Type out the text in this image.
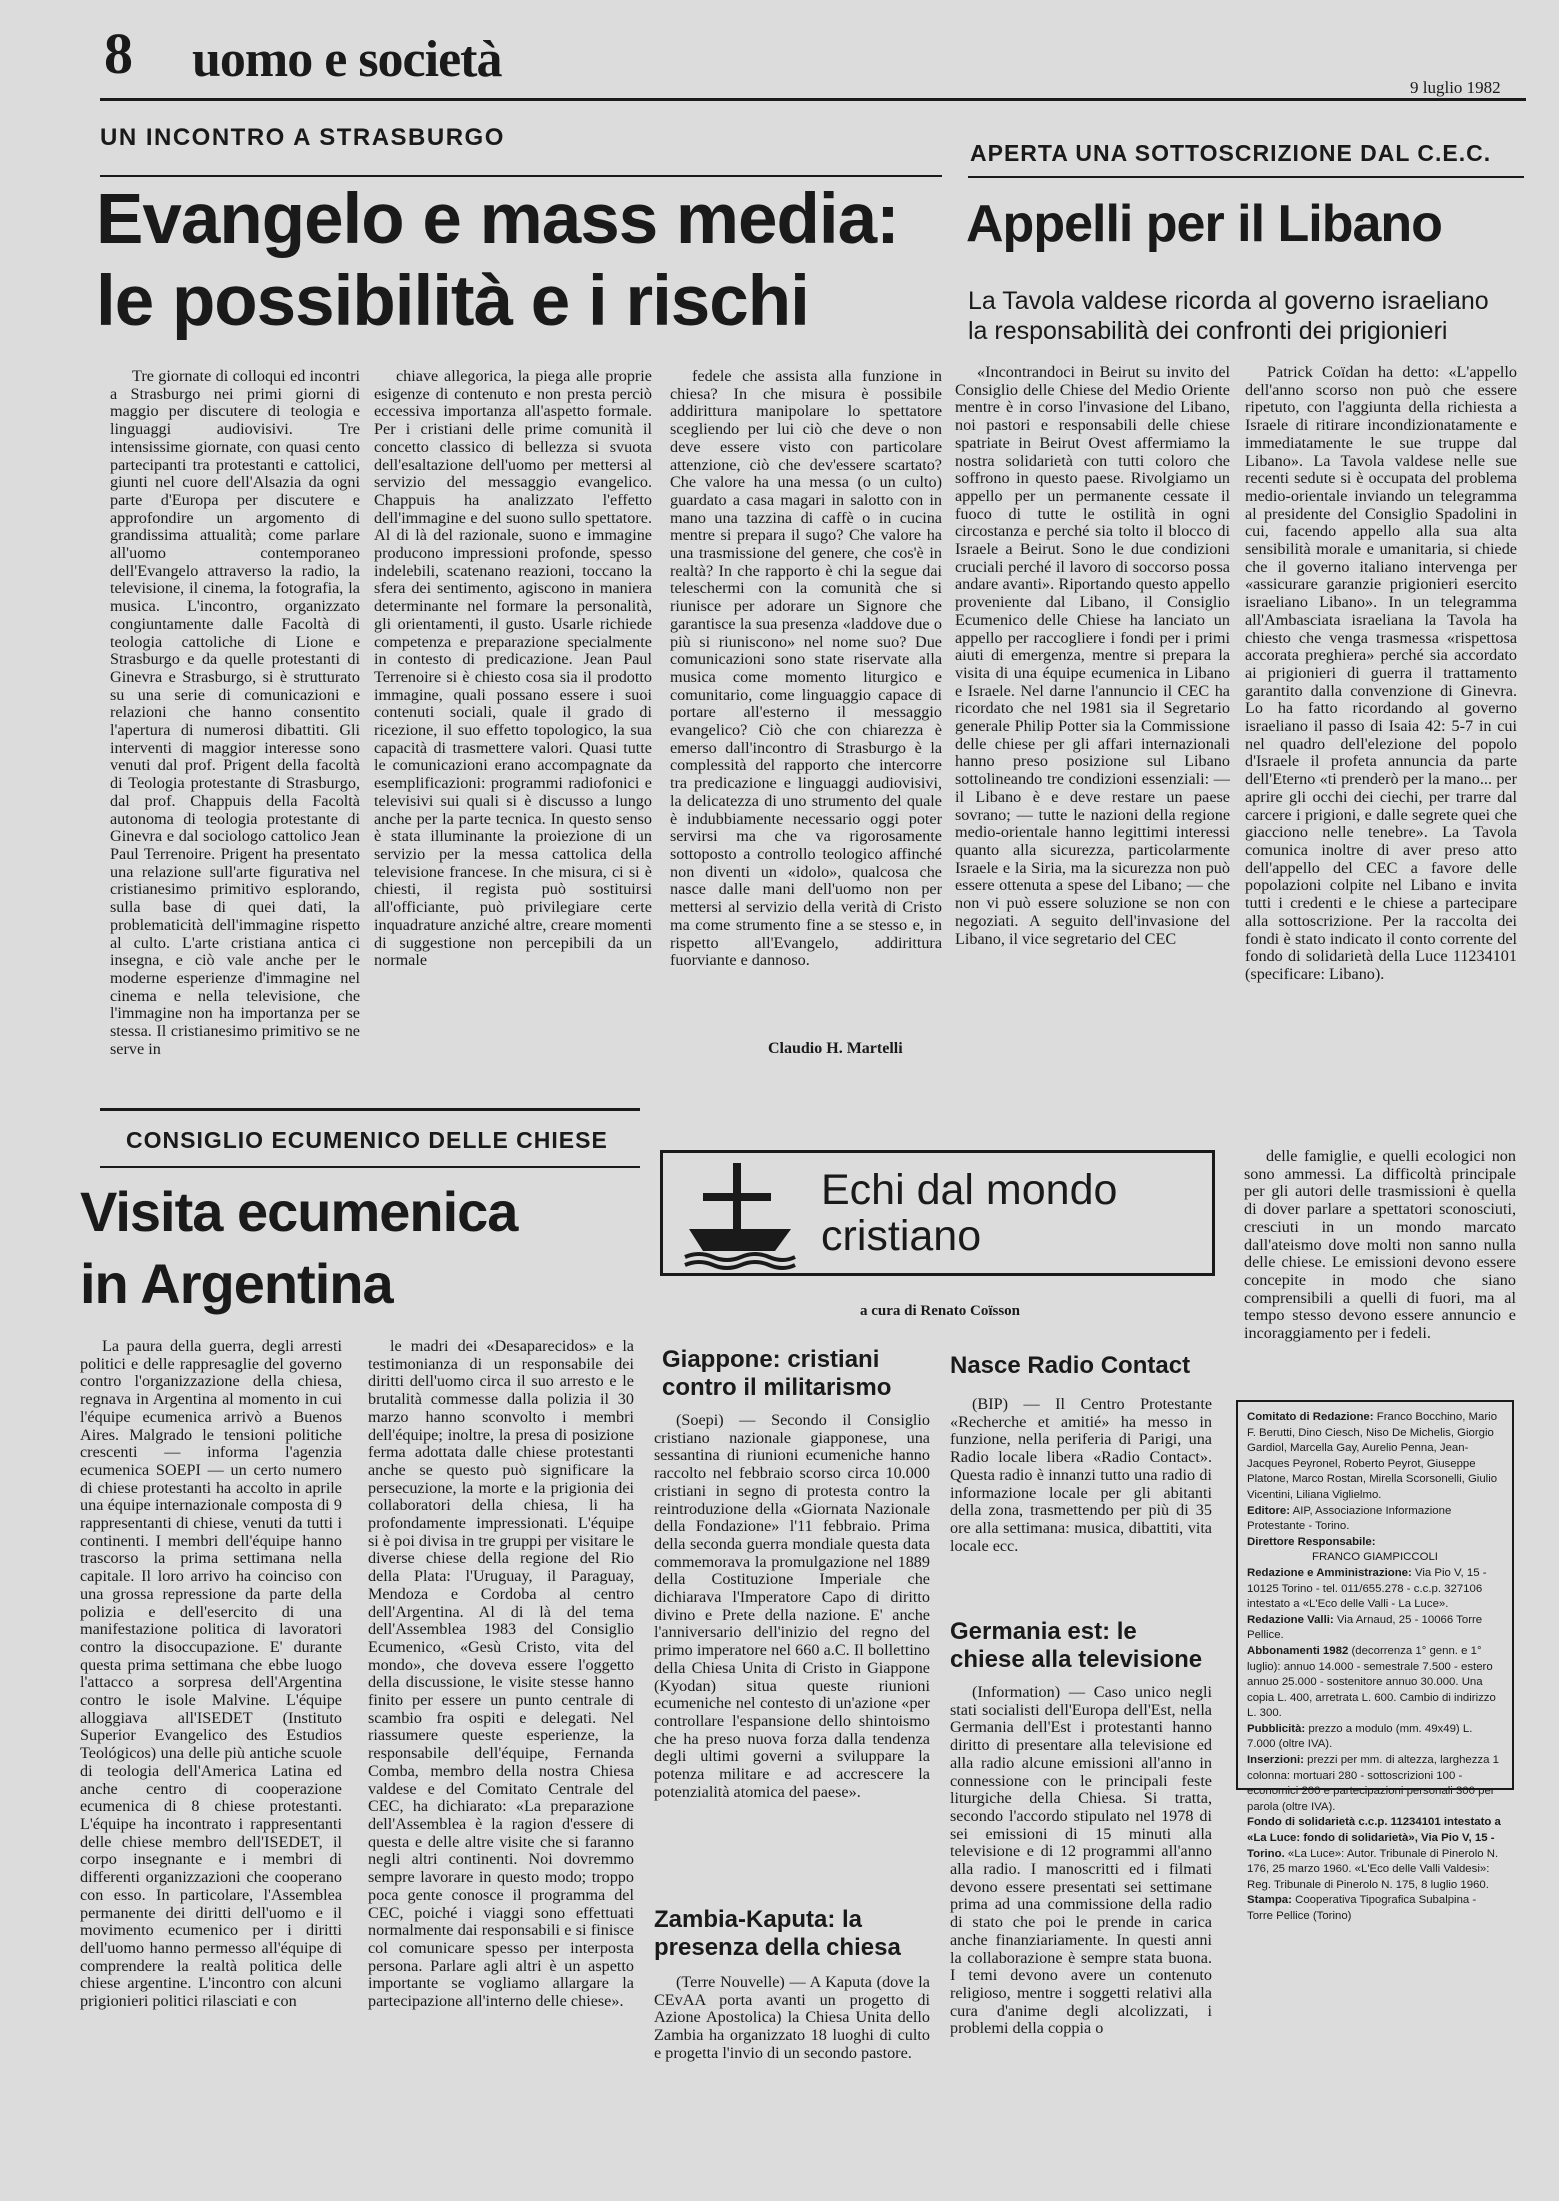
8 uomo e società	9 luglio 1982
UN INCONTRO A STRASBURGO
Evangelo e mass media:
le possibilità e i rischi

Tre giornate di colloqui ed incontri a Strasburgo nei primi giorni di maggio per discutere di teologia e linguaggi audiovisivi. Tre intensissime giornate, con quasi cento partecipanti tra protestanti e cattolici, giunti nel cuore dell'Alsazia da ogni parte d'Europa per discutere e approfondire un argomento di grandissima attualità; come parlare all'uomo contemporaneo dell'Evangelo attraverso la radio, la televisione, il cinema, la fotografia, la musica. L'incontro, organizzato congiuntamente dalle Facoltà di teologia cattoliche di Lione e Strasburgo e da quelle protestanti di Ginevra e Strasburgo, si è strutturato su una serie di comunicazioni e relazioni che hanno consentito l'apertura di numerosi dibattiti. Gli interventi di maggior interesse sono venuti dal prof. Prigent della facoltà di Teologia protestante di Strasburgo, dal prof. Chappuis della Facoltà autonoma di teologia protestante di Ginevra e dal sociologo cattolico Jean Paul Terrenoire. Prigent ha presentato una relazione sull'arte figurativa nel cristianesimo primitivo esplorando, sulla base di quei dati, la problematicità dell'immagine rispetto al culto. L'arte cristiana antica ci insegna, e ciò vale anche per le moderne esperienze d'immagine nel cinema e nella televisione, che l'immagine non ha importanza per se stessa. Il cristianesimo primitivo se ne serve in

chiave allegorica, la piega alle proprie esigenze di contenuto e non presta perciò eccessiva importanza all'aspetto formale. Per i cristiani delle prime comunità il concetto classico di bellezza si svuota dell'esaltazione dell'uomo per mettersi al servizio del messaggio evangelico. Chappuis ha analizzato l'effetto dell'immagine e del suono sullo spettatore. Al di là del razionale, suono e immagine producono impressioni profonde, spesso indelebili, scatenano reazioni, toccano la sfera dei sentimento, agiscono in maniera determinante nel formare la personalità, gli orientamenti, il gusto. Usarle richiede competenza e preparazione specialmente in contesto di predicazione. Jean Paul Terrenoire si è chiesto cosa sia il prodotto immagine, quali possano essere i suoi contenuti sociali, quale il grado di ricezione, il suo effetto topologico, la sua capacità di trasmettere valori. Quasi tutte le comunicazioni erano accompagnate da esemplificazioni: programmi radiofonici e televisivi sui quali si è discusso a lungo anche per la parte tecnica. In questo senso è stata illuminante la proiezione di un servizio per la messa cattolica della televisione francese. In che misura, ci si è chiesti, il regista può sostituirsi all'officiante, può privilegiare certe inquadrature anziché altre, creare momenti di suggestione non percepibili da un normale

fedele che assista alla funzione in chiesa? In che misura è possibile addirittura manipolare lo spettatore scegliendo per lui ciò che deve o non deve essere visto con particolare attenzione, ciò che dev'essere scartato? Che valore ha una messa (o un culto) guardato a casa magari in salotto con in mano una tazzina di caffè o in cucina mentre si prepara il sugo? Che valore ha una trasmissione del genere, che cos'è in realtà? In che rapporto è chi la segue dai teleschermi con la comunità che si riunisce per adorare un Signore che garantisce la sua presenza «laddove due o più si riuniscono» nel nome suo? Due comunicazioni sono state riservate alla musica come momento liturgico e comunitario, come linguaggio capace di portare all'esterno il messaggio evangelico? Ciò che con chiarezza è emerso dall'incontro di Strasburgo è la complessità del rapporto che intercorre tra predicazione e linguaggi audiovisivi, la delicatezza di uno strumento del quale è indubbiamente necessario oggi poter servirsi ma che va rigorosamente sottoposto a controllo teologico affinché non diventi un «idolo», qualcosa che nasce dalle mani dell'uomo non per mettersi al servizio della verità di Cristo ma come strumento fine a se stesso e, in rispetto all'Evangelo, addirittura fuorviante e dannoso.

Claudio H. Martelli
APERTA UNA SOTTOSCRIZIONE DAL C.E.C.
Appelli per il Libano
La Tavola valdese ricorda al governo israeliano
la responsabilità dei confronti dei prigionieri

«Incontrandoci in Beirut su invito del Consiglio delle Chiese del Medio Oriente mentre è in corso l'invasione del Libano, noi pastori e responsabili delle chiese spatriate in Beirut Ovest affermiamo la nostra solidarietà con tutti coloro che soffrono in questo paese. Rivolgiamo un appello per un permanente cessate il fuoco di tutte le ostilità in ogni circostanza e perché sia tolto il blocco di Israele a Beirut. Sono le due condizioni cruciali perché il lavoro di soccorso possa andare avanti». Riportando questo appello proveniente dal Libano, il Consiglio Ecumenico delle Chiese ha lanciato un appello per raccogliere i fondi per i primi aiuti di emergenza, mentre si prepara la visita di una équipe ecumenica in Libano e Israele. Nel darne l'annuncio il CEC ha ricordato che nel 1981 sia il Segretario generale Philip Potter sia la Commissione delle chiese per gli affari internazionali hanno preso posizione sul Libano sottolineando tre condizioni essenziali: — il Libano è e deve restare un paese sovrano; — tutte le nazioni della regione medio-orientale hanno legittimi interessi quanto alla sicurezza, particolarmente Israele e la Siria, ma la sicurezza non può essere ottenuta a spese del Libano; — che non vi può essere soluzione se non con negoziati. A seguito dell'invasione del Libano, il vice segretario del CEC

Patrick Coïdan ha detto: «L'appello dell'anno scorso non può che essere ripetuto, con l'aggiunta della richiesta a Israele di ritirare incondizionatamente e immediatamente le sue truppe dal Libano». La Tavola valdese nelle sue recenti sedute si è occupata del problema medio-orientale inviando un telegramma al presidente del Consiglio Spadolini in cui, facendo appello alla sua alta sensibilità morale e umanitaria, si chiede che il governo italiano intervenga per «assicurare garanzie prigionieri esercito israeliano Libano». In un telegramma all'Ambasciata israeliana la Tavola ha chiesto che venga trasmessa «rispettosa accorata preghiera» perché sia accordato ai prigionieri di guerra il trattamento garantito dalla convenzione di Ginevra. Lo ha fatto ricordando al governo israeliano il passo di Isaia 42: 5-7 in cui nel quadro dell'elezione del popolo d'Israele il profeta annuncia da parte dell'Eterno «ti prenderò per la mano... per aprire gli occhi dei ciechi, per trarre dal carcere i prigioni, e dalle segrete quei che giacciono nelle tenebre». La Tavola comunica inoltre di aver preso atto dell'appello del CEC a favore delle popolazioni colpite nel Libano e invita tutti i credenti e le chiese a partecipare alla sottoscrizione. Per la raccolta dei fondi è stato indicato il conto corrente del fondo di solidarietà della Luce 11234101 (specificare: Libano).

CONSIGLIO ECUMENICO DELLE CHIESE
Visita ecumenica
in Argentina

La paura della guerra, degli arresti politici e delle rappresaglie del governo contro l'organizzazione della chiesa, regnava in Argentina al momento in cui l'équipe ecumenica arrivò a Buenos Aires. Malgrado le tensioni politiche crescenti — informa l'agenzia ecumenica SOEPI — un certo numero di chiese protestanti ha accolto in aprile una équipe internazionale composta di 9 rappresentanti di chiese, venuti da tutti i continenti. I membri dell'équipe hanno trascorso la prima settimana nella capitale. Il loro arrivo ha coinciso con una grossa repressione da parte della polizia e dell'esercito di una manifestazione politica di lavoratori contro la disoccupazione. E' durante questa prima settimana che ebbe luogo l'attacco a sorpresa dell'Argentina contro le isole Malvine. L'équipe alloggiava all'ISEDET (Instituto Superior Evangelico des Estudios Teológicos) una delle più antiche scuole di teologia dell'America Latina ed anche centro di cooperazione ecumenica di 8 chiese protestanti. L'équipe ha incontrato i rappresentanti delle chiese membro dell'ISEDET, il corpo insegnante e i membri di differenti organizzazioni che cooperano con esso. In particolare, l'Assemblea permanente dei diritti dell'uomo e il movimento ecumenico per i diritti dell'uomo hanno permesso all'équipe di comprendere la realtà politica delle chiese argentine. L'incontro con alcuni prigionieri politici rilasciati e con

le madri dei «Desaparecidos» e la testimonianza di un responsabile dei diritti dell'uomo circa il suo arresto e le brutalità commesse dalla polizia il 30 marzo hanno sconvolto i membri dell'équipe; inoltre, la presa di posizione ferma adottata dalle chiese protestanti anche se questo può significare la persecuzione, la morte e la prigionia dei collaboratori della chiesa, li ha profondamente impressionati. L'équipe si è poi divisa in tre gruppi per visitare le diverse chiese della regione del Rio della Plata: l'Uruguay, il Paraguay, Mendoza e Cordoba al centro dell'Argentina. Al di là del tema dell'Assemblea 1983 del Consiglio Ecumenico, «Gesù Cristo, vita del mondo», che doveva essere l'oggetto della discussione, le visite stesse hanno finito per essere un punto centrale di scambio fra ospiti e delegati. Nel riassumere queste esperienze, la responsabile dell'équipe, Fernanda Comba, membro della nostra Chiesa valdese e del Comitato Centrale del CEC, ha dichiarato: «La preparazione dell'Assemblea è la ragion d'essere di questa e delle altre visite che si faranno negli altri continenti. Noi dovremmo sempre lavorare in questo modo; troppo poca gente conosce il programma del CEC, poiché i viaggi sono effettuati normalmente dai responsabili e si finisce col comunicare spesso per interposta persona. Parlare agli altri è un aspetto importante se vogliamo allargare la partecipazione all'interno delle chiese».

Echi dal mondo
cristiano
a cura di Renato Coïsson
Giappone: cristiani
contro il militarismo

(Soepi) — Secondo il Consiglio cristiano nazionale giapponese, una sessantina di riunioni ecumeniche hanno raccolto nel febbraio scorso circa 10.000 cristiani in segno di protesta contro la reintroduzione della «Giornata Nazionale della Fondazione» l'11 febbraio. Prima della seconda guerra mondiale questa data commemorava la promulgazione nel 1889 della Costituzione Imperiale che dichiarava l'Imperatore Capo di diritto divino e Prete della nazione. E' anche l'anniversario dell'inizio del regno del primo imperatore nel 660 a.C. Il bollettino della Chiesa Unita di Cristo in Giappone (Kyodan) situa queste riunioni ecumeniche nel contesto di un'azione «per controllare l'espansione dello shintoismo che ha preso nuova forza dalla tendenza degli ultimi governi a sviluppare la potenza militare e ad accrescere la potenzialità atomica del paese».

Zambia-Kaputa: la
presenza della chiesa

(Terre Nouvelle) — A Kaputa (dove la CEvAA porta avanti un progetto di Azione Apostolica) la Chiesa Unita dello Zambia ha organizzato 18 luoghi di culto e progetta l'invio di un secondo pastore.

Nasce Radio Contact

(BIP) — Il Centro Protestante «Recherche et amitié» ha messo in funzione, nella periferia di Parigi, una Radio locale libera «Radio Contact». Questa radio è innanzi tutto una radio di informazione locale per gli abitanti della zona, trasmettendo per più di 35 ore alla settimana: musica, dibattiti, vita locale ecc.

Germania est: le
chiese alla televisione

(Information) — Caso unico negli stati socialisti dell'Europa dell'Est, nella Germania dell'Est i protestanti hanno diritto di presentare alla televisione ed alla radio alcune emissioni all'anno in connessione con le principali feste liturgiche della Chiesa. Si tratta, secondo l'accordo stipulato nel 1978 di sei emissioni di 15 minuti alla televisione e di 12 programmi all'anno alla radio. I manoscritti ed i filmati devono essere presentati sei settimane prima ad una commissione della radio di stato che poi le prende in carica anche finanziariamente. In questi anni la collaborazione è sempre stata buona. I temi devono avere un contenuto religioso, mentre i soggetti relativi alla cura d'anime degli alcolizzati, i problemi della coppia o

delle famiglie, e quelli ecologici non sono ammessi. La difficoltà principale per gli autori delle trasmissioni è quella di dover parlare a spettatori sconosciuti, cresciuti in un mondo marcato dall'ateismo dove molti non sanno nulla delle chiese. Le emissioni devono essere concepite in modo che siano comprensibili a quelli di fuori, ma al tempo stesso devono essere annuncio e incoraggiamento per i fedeli.

Comitato di Redazione: Franco Bocchino, Mario F. Berutti, Dino Ciesch, Niso De Michelis, Giorgio Gardiol, Marcella Gay, Aurelio Penna, Jean-Jacques Peyronel, Roberto Peyrot, Giuseppe Platone, Marco Rostan, Mirella Scorsonelli, Giulio Vicentini, Liliana Viglielmo.

Editore: AIP, Associazione Informazione Protestante - Torino.

Direttore Responsabile:

FRANCO GIAMPICCOLI

Redazione e Amministrazione: Via Pio V, 15 - 10125 Torino - tel. 011/655.278 - c.c.p. 327106 intestato a «L'Eco delle Valli - La Luce».

Redazione Valli: Via Arnaud, 25 - 10066 Torre Pellice.

Abbonamenti 1982 (decorrenza 1° genn. e 1° luglio): annuo 14.000 - semestrale 7.500 - estero annuo 25.000 - sostenitore annuo 30.000. Una copia L. 400, arretrata L. 600. Cambio di indirizzo L. 300.

Pubblicità: prezzo a modulo (mm. 49x49) L. 7.000 (oltre IVA).

Inserzioni: prezzi per mm. di altezza, larghezza 1 colonna: mortuari 280 - sottoscrizioni 100 - economici 200 e partecipazioni personali 300 per parola (oltre IVA).

Fondo di solidarietà c.c.p. 11234101 intestato a «La Luce: fondo di solidarietà», Via Pio V, 15 - Torino. «La Luce»: Autor. Tribunale di Pinerolo N. 176, 25 marzo 1960. «L'Eco delle Valli Valdesi»: Reg. Tribunale di Pinerolo N. 175, 8 luglio 1960.

Stampa: Cooperativa Tipografica Subalpina - Torre Pellice (Torino)
